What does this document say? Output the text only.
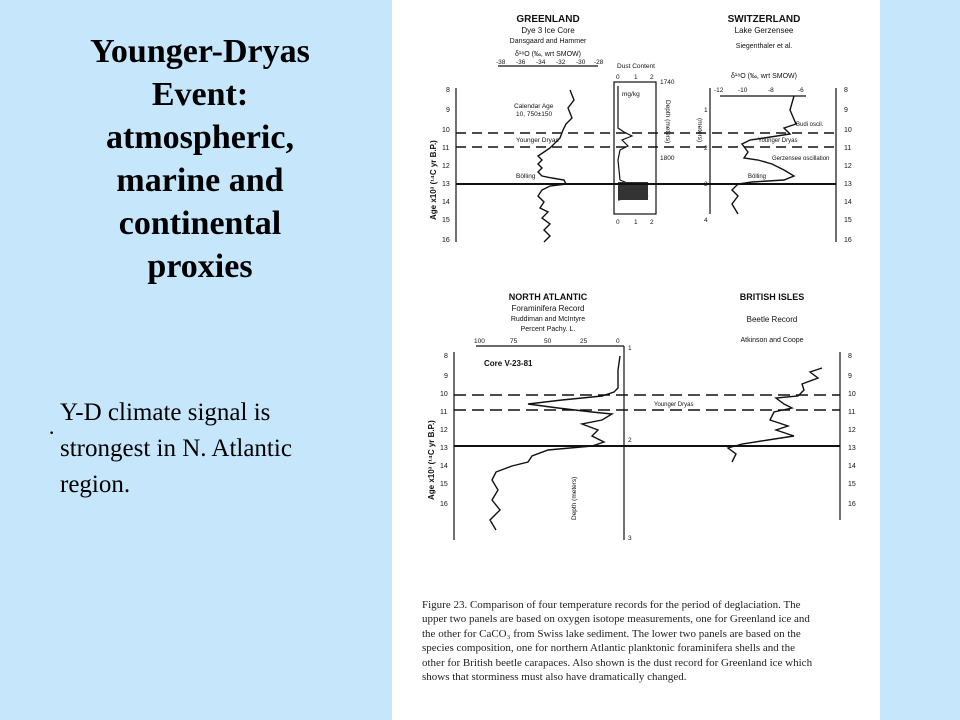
Younger-Dryas
Event:
atmospheric,
marine and
continental
proxies
·
Y-D climate signal is
strongest in N. Atlantic
region.
GREENLAND
Dye 3 Ice Core
Dansgaard and Hammer
δ¹⁸O (‰, wrt SMOW)
-38 -36 -34 -32 -30 -28
Calendar Age
10, 750±150
Younger Dryas
Bölling
Dust Content
mg/kg
0 1 2
0 1 2
1740
1800
Depth (meters)
SWITZERLAND
Lake Gerzensee
Siegenthaler et al.
δ¹⁸O (‰, wrt SMOW)
-12 -10	-8	-6
(meters)
1
2
3
4
Budi oscil.
Younger Dryas
Gerzensee oscillation
Bölling
Age x10³ (¹⁴C yr B.P.)
8
9
10
11
12
13
14
15
16
8
9
10
11
12
13
14
15
16
NORTH ATLANTIC
Foraminifera Record
Ruddiman and McIntyre
Percent Pachy. L.
100	75	50	25	0
Core V-23-81
1
2
3
Depth (meters)
BRITISH ISLES
Beetle Record
Atkinson and Coope
Younger Dryas
Age x10³ (¹⁴C yr B.P.)
8
9
10
11
12
13
14
15
16
8
9
10
11
12
13
14
15
16
Figure 23. Comparison of four temperature records for the period of deglaciation. The
upper two panels are based on oxygen isotope measurements, one for Greenland ice and
the other for CaCO₃ from Swiss lake sediment. The lower two panels are based on the
species composition, one for northern Atlantic planktonic foraminifera shells and the
other for British beetle carapaces. Also shown is the dust record for Greenland ice which
shows that storminess must also have dramatically changed.
